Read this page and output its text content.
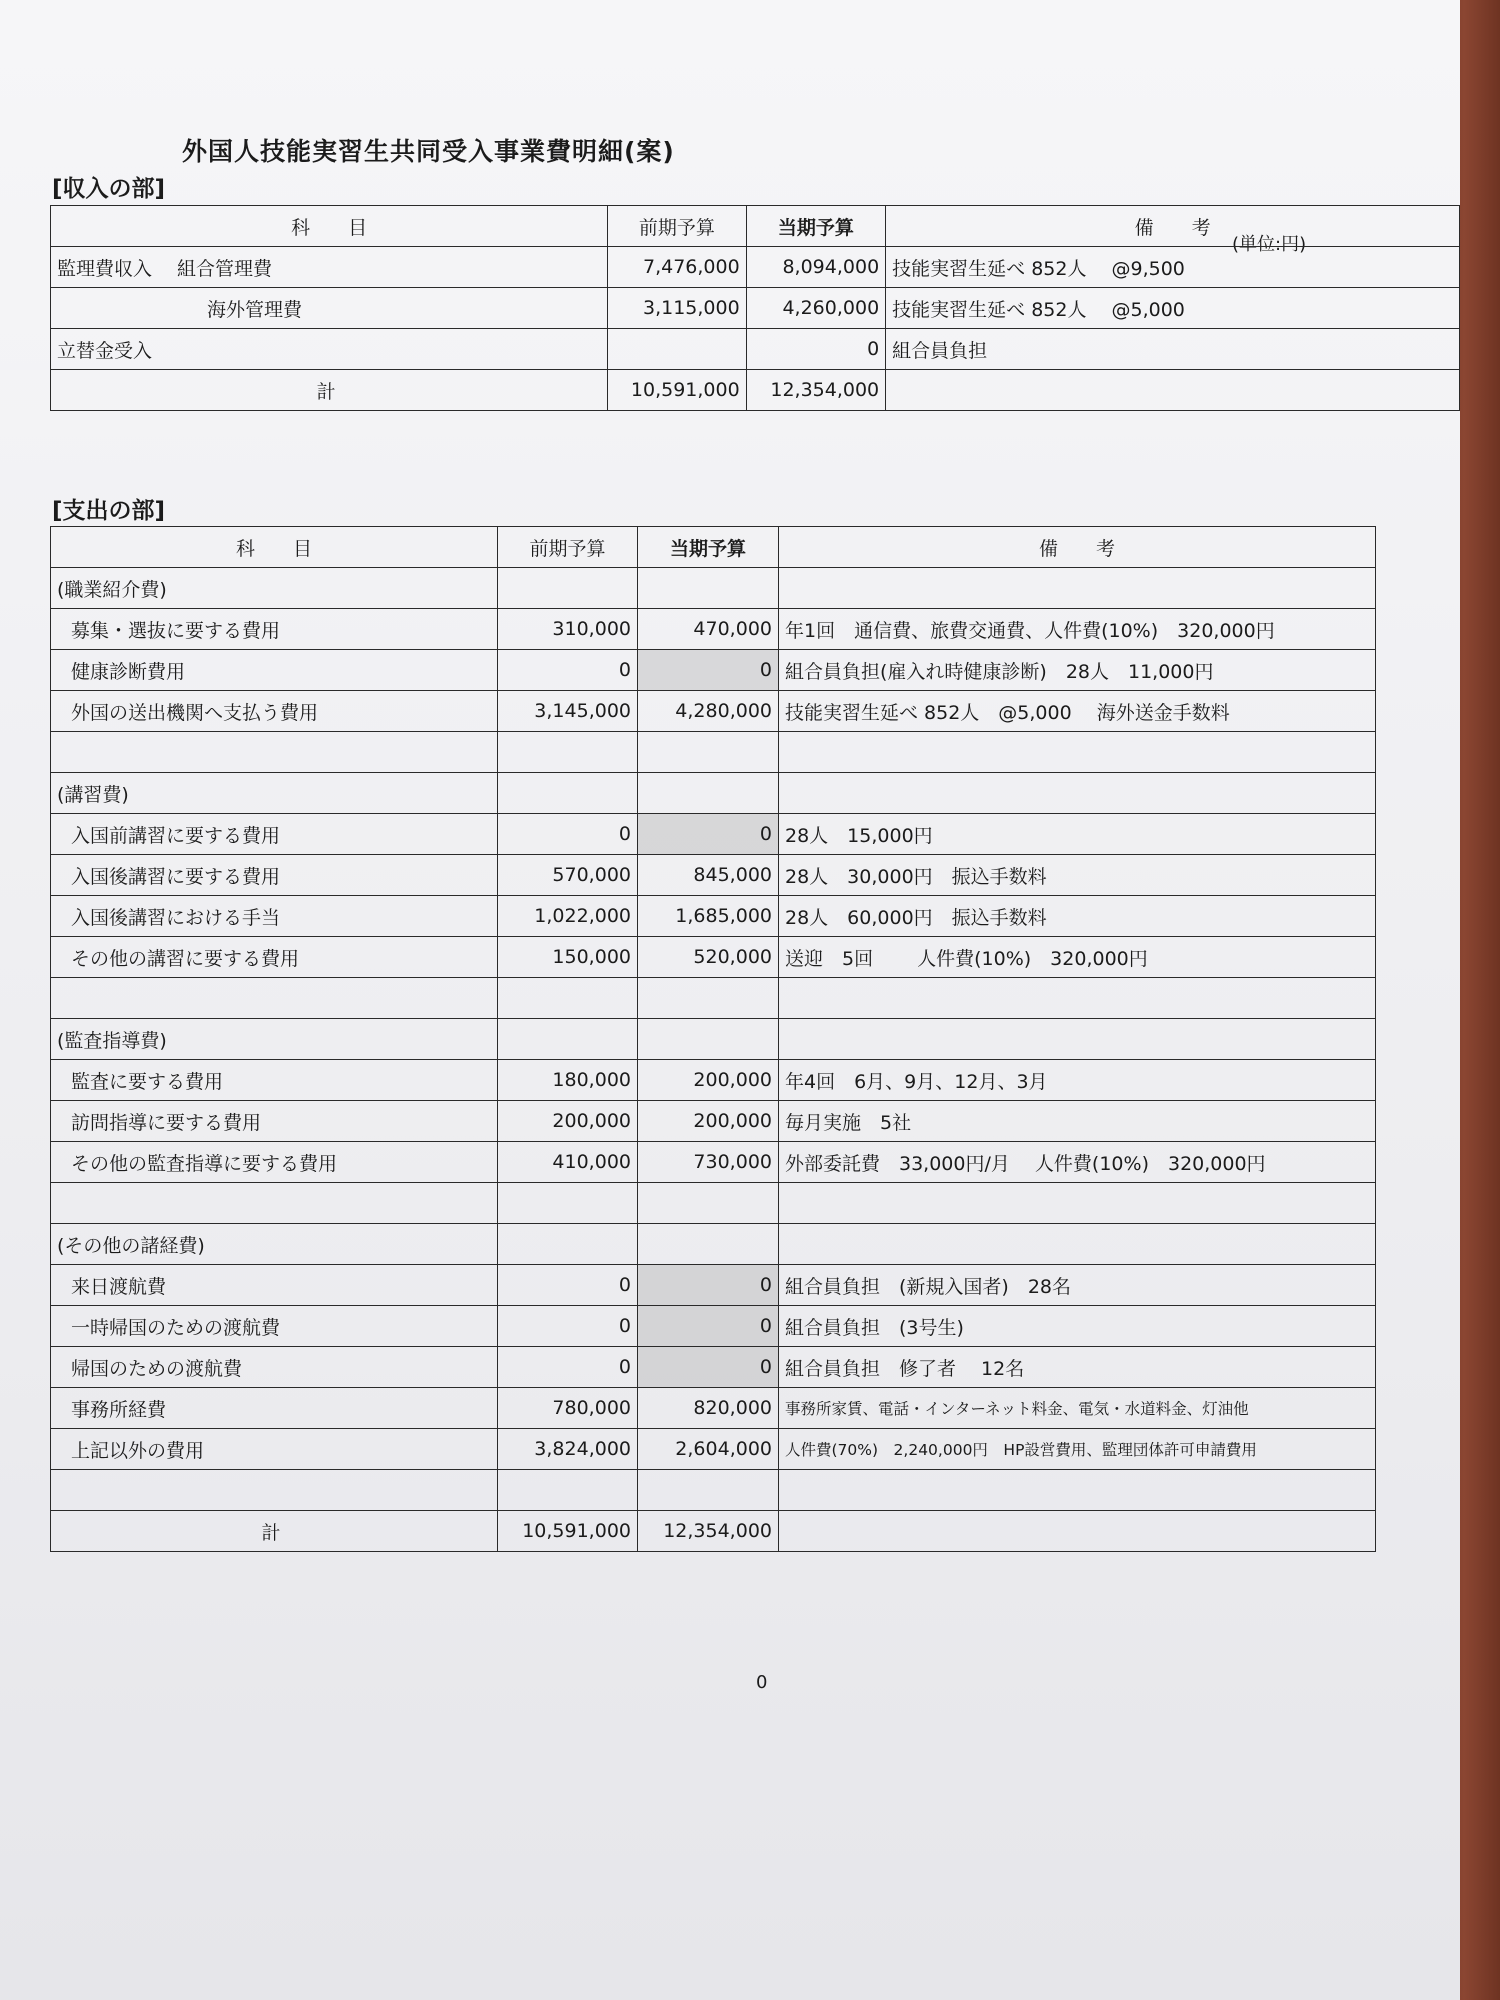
外国人技能実習生共同受入事業費明細(案)
[収入の部]
(単位:円)
科　　目	前期予算	当期予算	備　　考
監理費収入　 組合管理費	7,476,000	8,094,000	技能実習生延べ 852人　 @9,500
海外管理費	3,115,000	4,260,000	技能実習生延べ 852人　 @5,000
立替金受入		0	組合員負担
計	10,591,000	12,354,000	
[支出の部]
科　　目	前期予算	当期予算	備　　考
(職業紹介費)			
募集・選抜に要する費用	310,000	470,000	年1回　通信費、旅費交通費、人件費(10%)　320,000円
健康診断費用	0	0	組合員負担(雇入れ時健康診断)　28人　11,000円
外国の送出機関へ支払う費用	3,145,000	4,280,000	技能実習生延べ 852人　@5,000　 海外送金手数料

(講習費)			
入国前講習に要する費用	0	0	28人　15,000円
入国後講習に要する費用	570,000	845,000	28人　30,000円　振込手数料
入国後講習における手当	1,022,000	1,685,000	28人　60,000円　振込手数料
その他の講習に要する費用	150,000	520,000	送迎　5回　　 人件費(10%)　320,000円

(監査指導費)			
監査に要する費用	180,000	200,000	年4回　6月、9月、12月、3月
訪問指導に要する費用	200,000	200,000	毎月実施　5社
その他の監査指導に要する費用	410,000	730,000	外部委託費　33,000円/月　 人件費(10%)　320,000円

(その他の諸経費)			
来日渡航費	0	0	組合員負担　(新規入国者)　28名
一時帰国のための渡航費	0	0	組合員負担　(3号生)
帰国のための渡航費	0	0	組合員負担　修了者　 12名
事務所経費	780,000	820,000	事務所家賃、電話・インターネット料金、電気・水道料金、灯油他
上記以外の費用	3,824,000	2,604,000	人件費(70%)　2,240,000円　HP設営費用、監理団体許可申請費用

計	10,591,000	12,354,000	
0
